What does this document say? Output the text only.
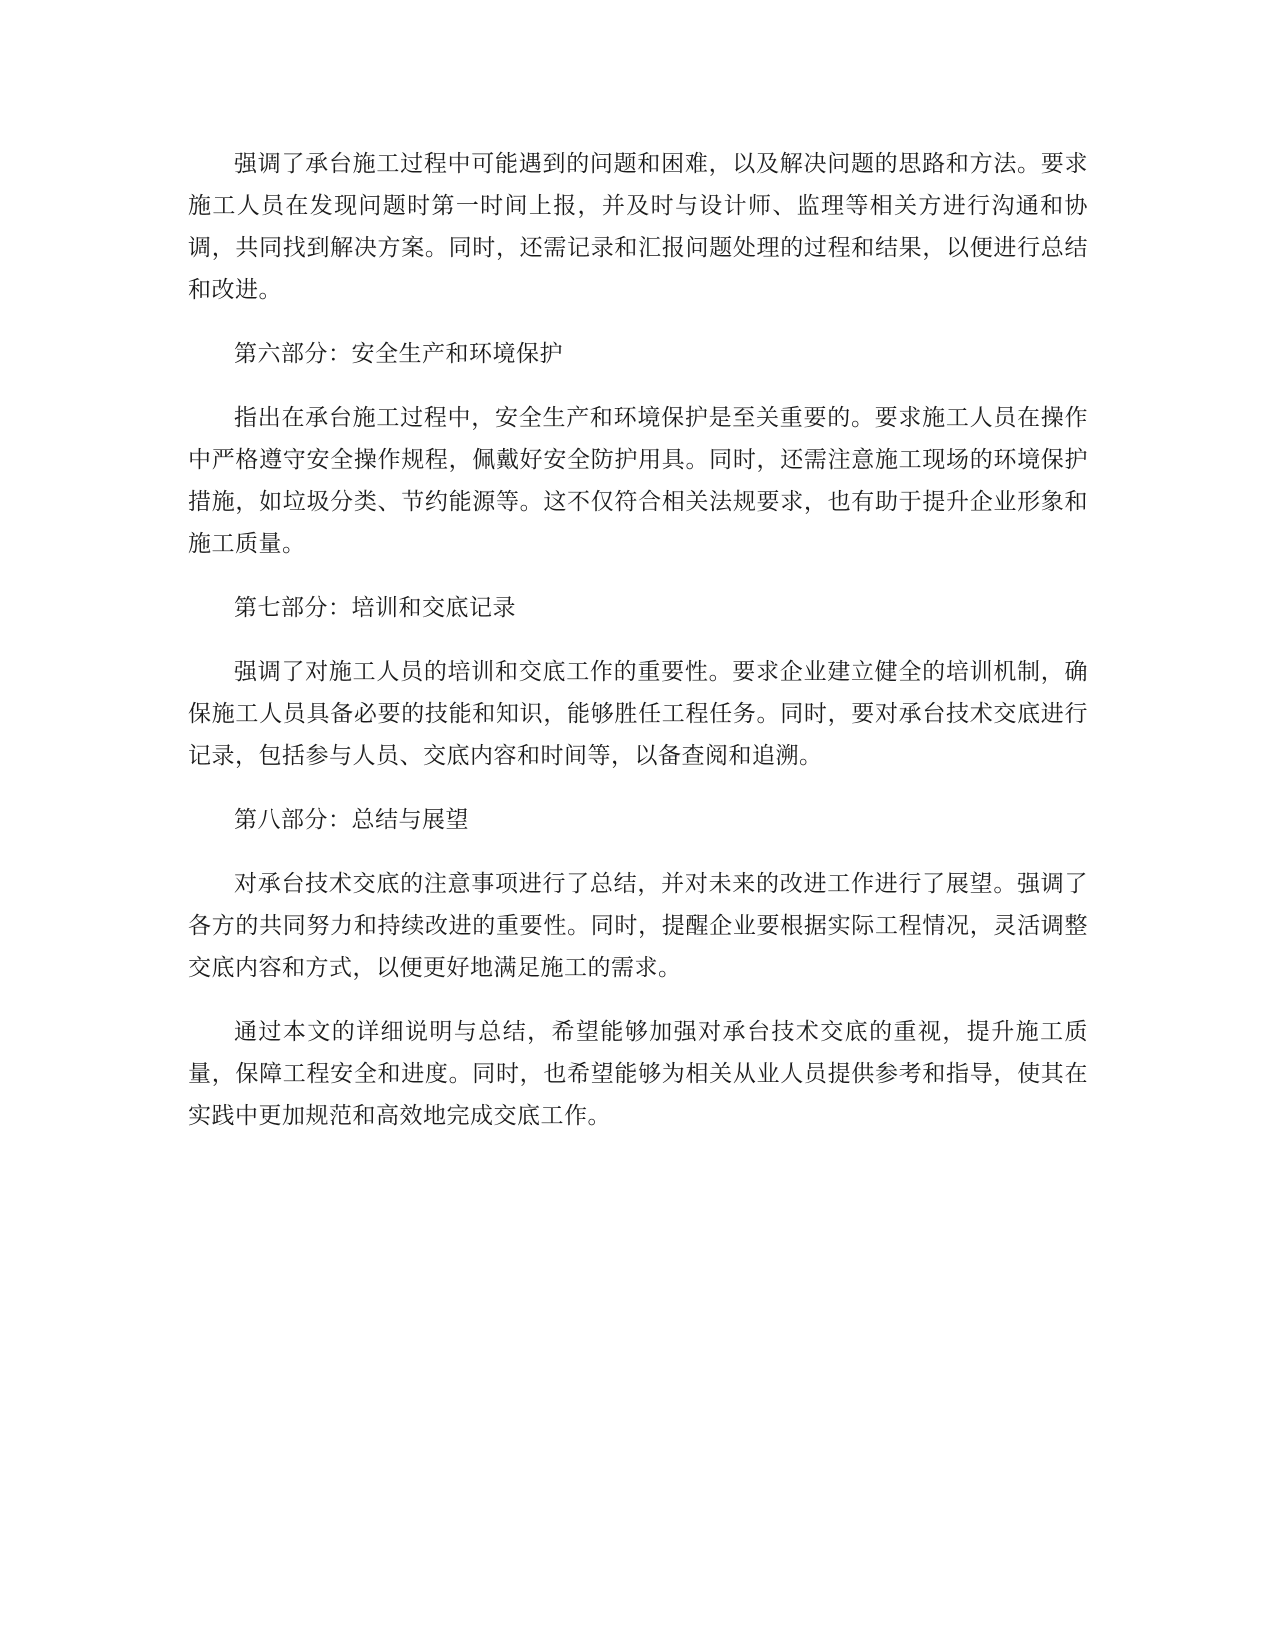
强调了承台施工过程中可能遇到的问题和困难，以及解决问题的思路和方法。要求施工人员在发现问题时第一时间上报，并及时与设计师、监理等相关方进行沟通和协调，共同找到解决方案。同时，还需记录和汇报问题处理的过程和结果，以便进行总结和改进。

第六部分：安全生产和环境保护

指出在承台施工过程中，安全生产和环境保护是至关重要的。要求施工人员在操作中严格遵守安全操作规程，佩戴好安全防护用具。同时，还需注意施工现场的环境保护措施，如垃圾分类、节约能源等。这不仅符合相关法规要求，也有助于提升企业形象和施工质量。

第七部分：培训和交底记录

强调了对施工人员的培训和交底工作的重要性。要求企业建立健全的培训机制，确保施工人员具备必要的技能和知识，能够胜任工程任务。同时，要对承台技术交底进行记录，包括参与人员、交底内容和时间等，以备查阅和追溯。

第八部分：总结与展望

对承台技术交底的注意事项进行了总结，并对未来的改进工作进行了展望。强调了各方的共同努力和持续改进的重要性。同时，提醒企业要根据实际工程情况，灵活调整交底内容和方式，以便更好地满足施工的需求。

通过本文的详细说明与总结，希望能够加强对承台技术交底的重视，提升施工质量，保障工程安全和进度。同时，也希望能够为相关从业人员提供参考和指导，使其在实践中更加规范和高效地完成交底工作。
